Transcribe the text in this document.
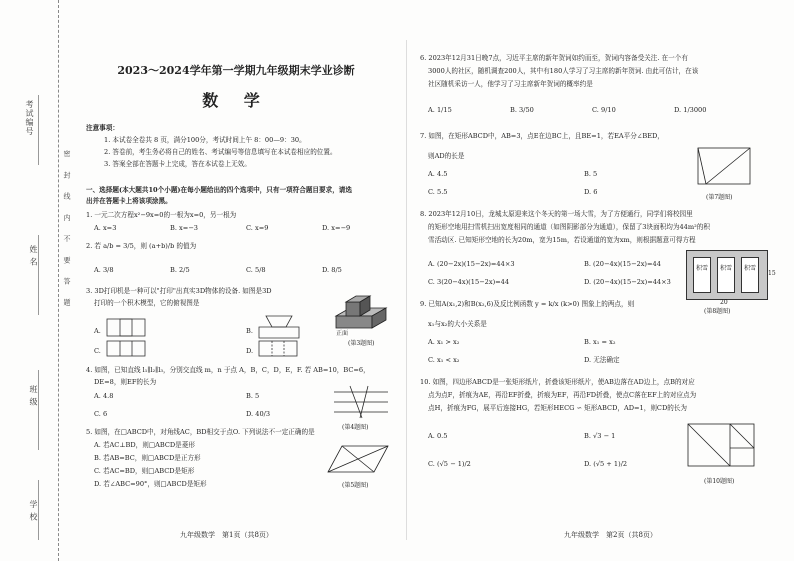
考试编号
姓 名
班 级
学 校
密 封 线 内 不 要 答 题
2023～2024学年第一学期九年级期末学业诊断
数 学
注意事项：
1. 本试卷全卷共 8 页，满分100分，考试时间上午 8：00—9：30。
2. 答卷前，考生务必将自己的姓名、考试编号等信息填写在本试卷相应的位置。
3. 答案全部在答题卡上完成，答在本试卷上无效。
一、选择题(本大题共10个小题)在每小题给出的四个选项中，只有一项符合题目要求，请选
出并在答题卡上将该项涂黑。
1. 一元二次方程x²−9x=0的一根为x=0，另一根为
A. x=3	B. x=−3	C. x=9	D. x=−9
2. 若 a/b = 3/5，则 (a+b)/b 的值为
A. 3/8	B. 2/5	C. 5/8	D. 8/5
3. 3D打印机是一种可以"打印"出真实3D物体的设备. 如图是3D
打印的一个积木模型，它的俯视图是
A.	B.
C.	D.
正面
(第3题图)
4. 如图，已知直线 l₁∥l₂∥l₃，分别交直线 m，n 于点 A，B，C，D，E，F. 若 AB=10，BC=6，
DE=8，则EF的长为
A. 4.8	B. 5
C. 6	D. 40/3
(第4题图)
5. 如图，在□ABCD中，对角线AC，BD相交于点O. 下列说法不一定正确的是
A. 若AC⊥BD，则□ABCD是菱形
B. 若AB=BC，则□ABCD是正方形
C. 若AC=BD，则□ABCD是矩形
D. 若∠ABC=90°，则□ABCD是矩形	(第5题图)
九年级数学　第1页（共8页）
6. 2023年12月31日晚7点，习近平主席的新年贺词如约而至，贺词内容备受关注. 在一个有
3000人的社区，随机调查200人，其中有180人学习了习主席的新年贺词. 由此可估计，在该
社区随机采访一人，他学习了习主席新年贺词的概率约是
A. 1/15	B. 3/50	C. 9/10	D. 1/3000
7. 如图，在矩形ABCD中，AB=3，点E在边BC上，且BE=1，若EA平分∠BED，
则AD的长是
A. 4.5	B. 5
C. 5.5	D. 6
(第7题图)
8. 2023年12月10日，龙城太原迎来这个冬天的第一场大雪，为了方便通行，同学们将校园里
的矩形空地用扫雪机扫出宽度相同的通道（如图阴影部分为通道），保留了3块面积均为44m²的积
雪活动区. 已知矩形空地的长为20m，宽为15m，若设通道的宽为xm，则根据题意可得方程
A. (20−2x)(15−2x)=44×3	B. (20−4x)(15−2x)=44
C. 3(20−4x)(15−2x)=44	D. (20−4x)(15−2x)=44×3
积雪	积雪	积雪
15
20
(第8题图)
9. 已知A(x₁,2)和B(x₂,6)及反比例函数 y = k/x (k>0) 图象上的两点，则
x₁与x₂的大小关系是
A. x₁ > x₂	B. x₁ = x₂
C. x₁ < x₂	D. 无法确定
10. 如图，四边形ABCD是一张矩形纸片，折叠该矩形纸片，使AB边落在AD边上，点B的对应
点为点F，折痕为AE，再沿EF折叠，折痕为EF，再沿FD折叠，使点C落在EF上的对应点为
点H，折痕为FG，展平后连接HG，若矩形HECG ∽ 矩形ABCD，AD=1，则CD的长为
A. 0.5	B. √3 − 1
C. (√5 − 1)/2	D. (√5 + 1)/2
(第10题图)
九年级数学　第2页（共8页）
